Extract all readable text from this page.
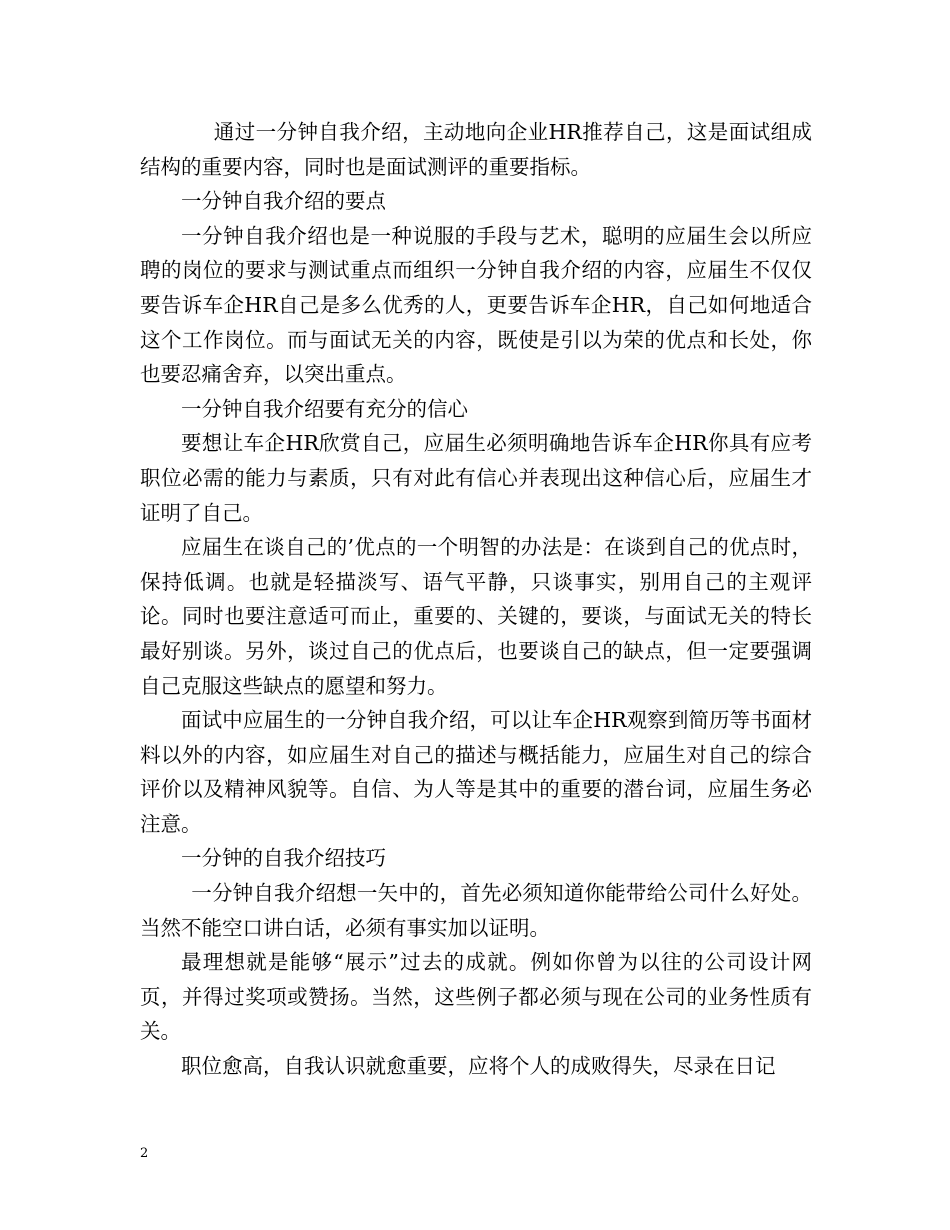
通过一分钟自我介绍，主动地向企业HR推荐自己，这是面试组成结构的重要内容，同时也是面试测评的重要指标。

一分钟自我介绍的要点

一分钟自我介绍也是一种说服的手段与艺术，聪明的应届生会以所应聘的岗位的要求与测试重点而组织一分钟自我介绍的内容，应届生不仅仅要告诉车企HR自己是多么优秀的人，更要告诉车企HR，自己如何地适合这个工作岗位。而与面试无关的内容，既使是引以为荣的优点和长处，你也要忍痛舍弃，以突出重点。

一分钟自我介绍要有充分的信心

要想让车企HR欣赏自己，应届生必须明确地告诉车企HR你具有应考职位必需的能力与素质，只有对此有信心并表现出这种信心后，应届生才证明了自己。

应届生在谈自己的’优点的一个明智的办法是：在谈到自己的优点时，保持低调。也就是轻描淡写、语气平静，只谈事实，别用自己的主观评论。同时也要注意适可而止，重要的、关键的，要谈，与面试无关的特长最好别谈。另外，谈过自己的优点后，也要谈自己的缺点，但一定要强调自己克服这些缺点的愿望和努力。

面试中应届生的一分钟自我介绍，可以让车企HR观察到简历等书面材料以外的内容，如应届生对自己的描述与概括能力，应届生对自己的综合评价以及精神风貌等。自信、为人等是其中的重要的潜台词，应届生务必注意。

一分钟的自我介绍技巧

一分钟自我介绍想一矢中的，首先必须知道你能带给公司什么好处。当然不能空口讲白话，必须有事实加以证明。

最理想就是能够“展示”过去的成就。例如你曾为以往的公司设计网页，并得过奖项或赞扬。当然，这些例子都必须与现在公司的业务性质有关。

职位愈高，自我认识就愈重要，应将个人的成败得失，尽录在日记

2
